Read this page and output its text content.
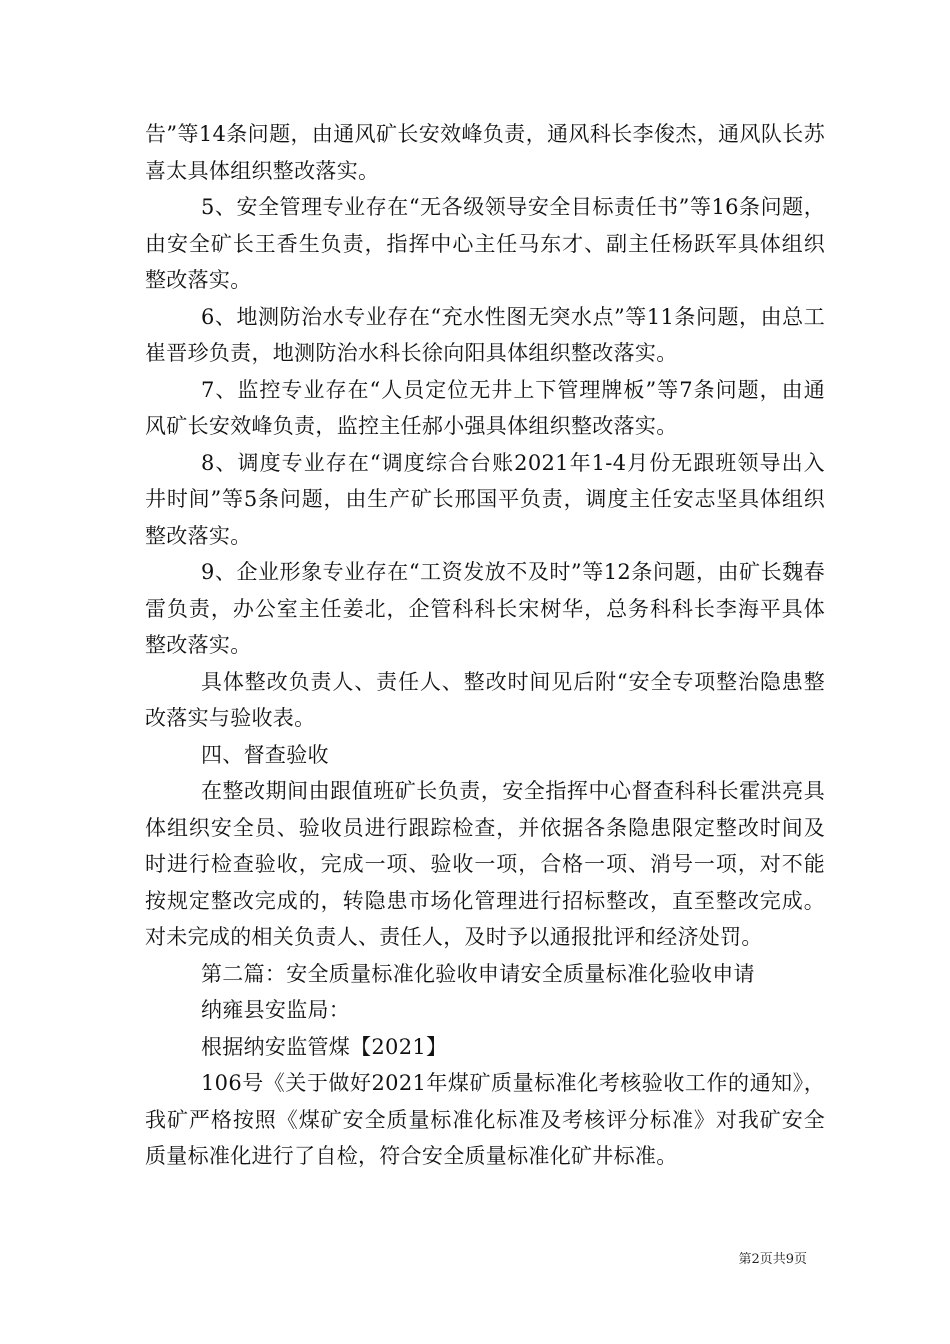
告”等14条问题，由通风矿长安效峰负责，通风科长李俊杰，通风队长苏喜太具体组织整改落实。

5、安全管理专业存在“无各级领导安全目标责任书”等16条问题，由安全矿长王香生负责，指挥中心主任马东才、副主任杨跃军具体组织整改落实。

6、地测防治水专业存在“充水性图无突水点”等11条问题，由总工崔晋珍负责，地测防治水科长徐向阳具体组织整改落实。

7、监控专业存在“人员定位无井上下管理牌板”等7条问题，由通风矿长安效峰负责，监控主任郝小强具体组织整改落实。

8、调度专业存在“调度综合台账2021年1-4月份无跟班领导出入井时间”等5条问题，由生产矿长邢国平负责，调度主任安志坚具体组织整改落实。

9、企业形象专业存在“工资发放不及时”等12条问题，由矿长魏春雷负责，办公室主任姜北，企管科科长宋树华，总务科科长李海平具体整改落实。

具体整改负责人、责任人、整改时间见后附“安全专项整治隐患整改落实与验收表。

四、督查验收

在整改期间由跟值班矿长负责，安全指挥中心督查科科长霍洪亮具体组织安全员、验收员进行跟踪检查，并依据各条隐患限定整改时间及时进行检查验收，完成一项、验收一项，合格一项、消号一项，对不能按规定整改完成的，转隐患市场化管理进行招标整改，直至整改完成。对未完成的相关负责人、责任人，及时予以通报批评和经济处罚。

第二篇：安全质量标准化验收申请安全质量标准化验收申请

纳雍县安监局：

根据纳安监管煤【2021】

106号《关于做好2021年煤矿质量标准化考核验收工作的通知》，我矿严格按照《煤矿安全质量标准化标准及考核评分标准》对我矿安全质量标准化进行了自检，符合安全质量标准化矿井标准。

第2页共9页
